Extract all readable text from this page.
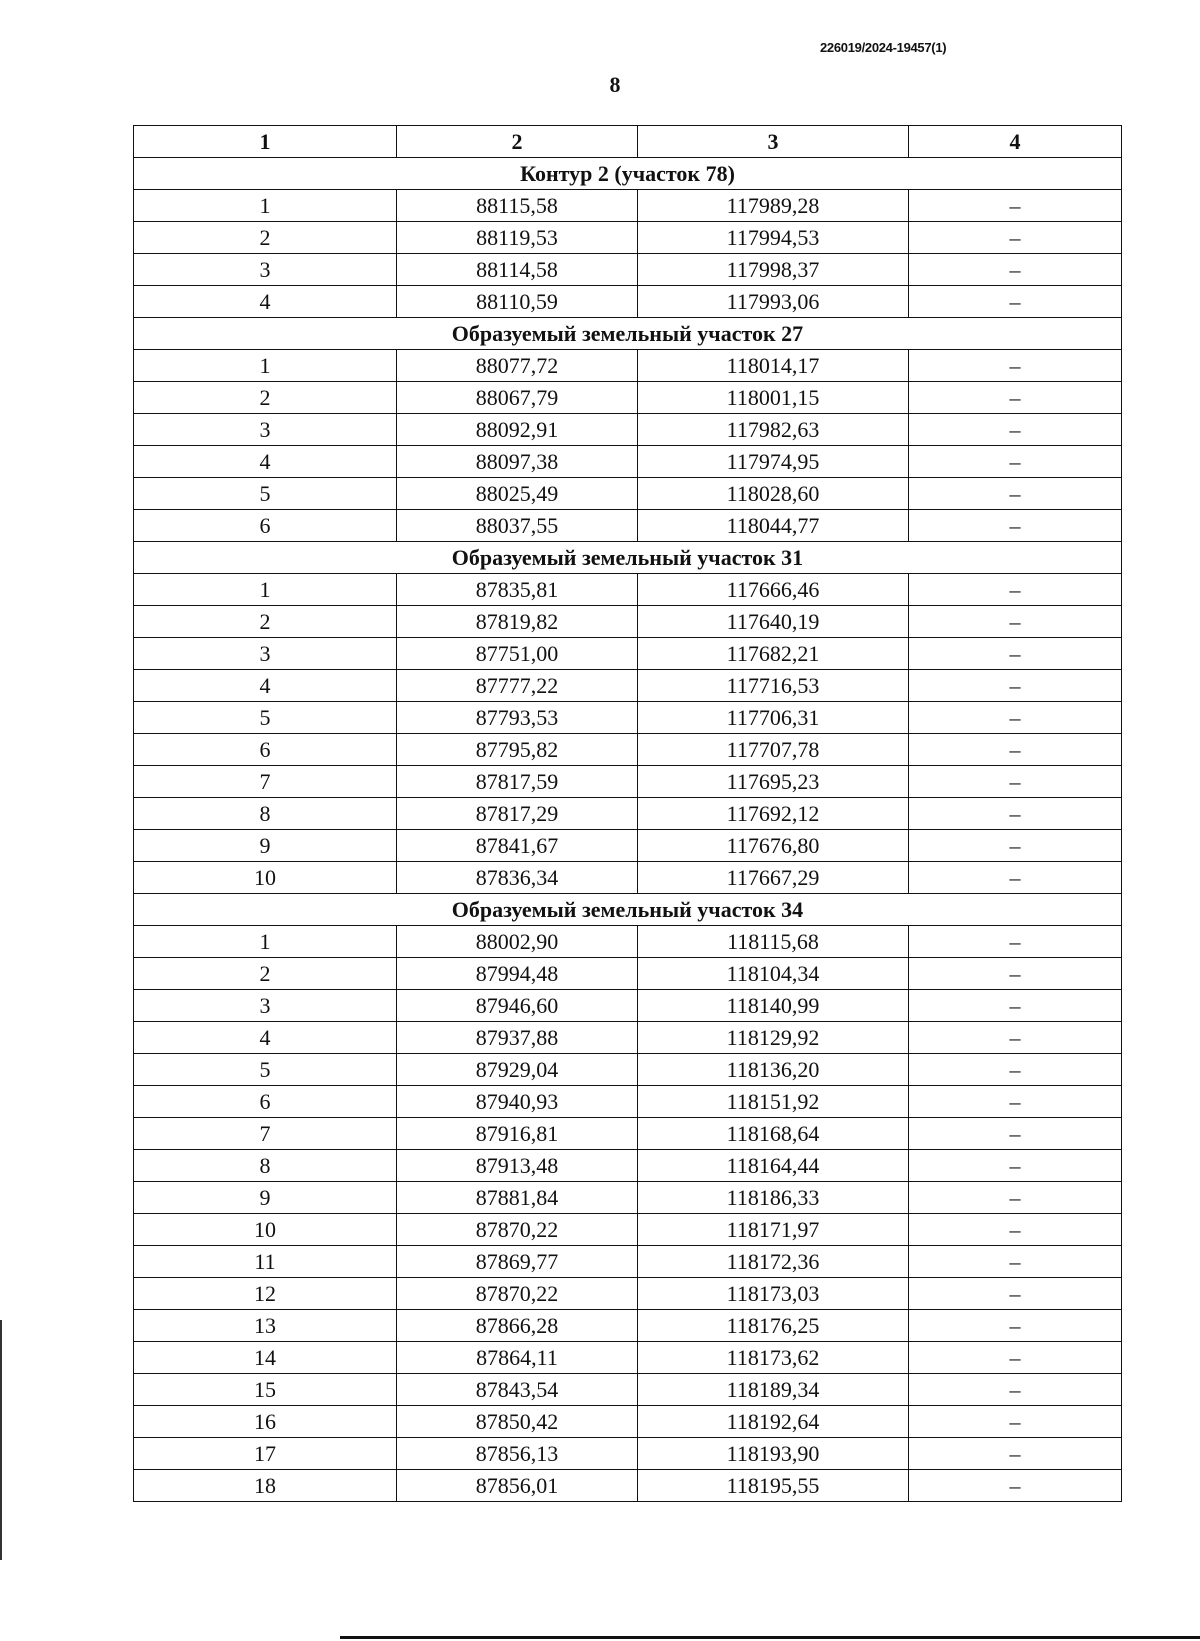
226019/2024-19457(1)
8
1	2	3	4
Контур 2 (участок 78)			
1	88115,58	117989,28	–
2	88119,53	117994,53	–
3	88114,58	117998,37	–
4	88110,59	117993,06	–
Образуемый земельный участок 27			
1	88077,72	118014,17	–
2	88067,79	118001,15	–
3	88092,91	117982,63	–
4	88097,38	117974,95	–
5	88025,49	118028,60	–
6	88037,55	118044,77	–
Образуемый земельный участок 31			
1	87835,81	117666,46	–
2	87819,82	117640,19	–
3	87751,00	117682,21	–
4	87777,22	117716,53	–
5	87793,53	117706,31	–
6	87795,82	117707,78	–
7	87817,59	117695,23	–
8	87817,29	117692,12	–
9	87841,67	117676,80	–
10	87836,34	117667,29	–
Образуемый земельный участок 34			
1	88002,90	118115,68	–
2	87994,48	118104,34	–
3	87946,60	118140,99	–
4	87937,88	118129,92	–
5	87929,04	118136,20	–
6	87940,93	118151,92	–
7	87916,81	118168,64	–
8	87913,48	118164,44	–
9	87881,84	118186,33	–
10	87870,22	118171,97	–
11	87869,77	118172,36	–
12	87870,22	118173,03	–
13	87866,28	118176,25	–
14	87864,11	118173,62	–
15	87843,54	118189,34	–
16	87850,42	118192,64	–
17	87856,13	118193,90	–
18	87856,01	118195,55	–
